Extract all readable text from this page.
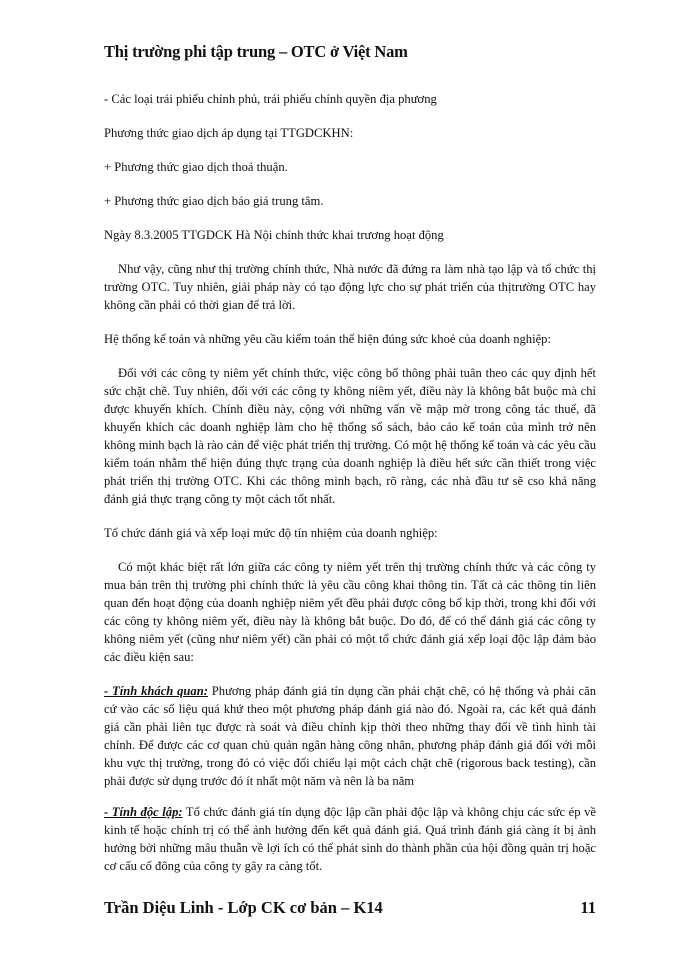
Thị trường phi tập trung – OTC ở Việt Nam

- Các loại trái phiếu chính phủ, trái phiếu chính quyền địa phương

Phương thức giao dịch áp dụng tại TTGDCKHN:

+ Phương thức giao dịch thoả thuận.

+ Phương thức giao dịch báo giá trung tâm.

Ngày 8.3.2005 TTGDCK Hà Nội chính thức khai trương hoạt động

Như vậy, cũng như thị trường chính thức, Nhà nước đã đứng ra làm nhà tạo lập và tổ chức thị trường OTC. Tuy nhiên, giải pháp này có tạo động lực cho sự phát triển của thịtrường OTC hay không cần phải có thời gian để trả lời.

Hệ thống kế toán và những yêu cầu kiểm toán thể hiện đúng sức khoẻ của doanh nghiệp:

Đối với các công ty niêm yết chính thức, việc công bố thông phải tuân theo các quy định hết sức chặt chẽ. Tuy nhiên, đối với các công ty không niêm yết, điều này là không bắt buộc mà chỉ được khuyến khích. Chính điều này, cộng với những vấn về mập mờ trong công tác thuế, đã khuyến khích các doanh nghiệp làm cho hệ thống sổ sách, báo cáo kế toán của mình trở nên không minh bạch là rào cản để việc phát triển thị trường. Có một hệ thống kế toán và các yêu cầu kiểm toán nhằm thể hiện đúng thực trạng của doanh nghiệp là điều hết sức cần thiết trong việc phát triển thị trường OTC. Khi các thông minh bạch, rõ ràng, các nhà đầu tư sẽ cso khả năng đánh giá thực trạng công ty một cách tốt nhất.

Tổ chức đánh giá và xếp loại mức độ tín nhiệm của doanh nghiệp:

Có một khác biệt rất lớn giữa các công ty niêm yết trên thị trường chính thức và các công ty mua bán trên thị trường phi chính thức là yêu cầu công khai thông tin. Tất cả các thông tin liên quan đến hoạt động của doanh nghiệp niêm yết đều phải được công bố kịp thời, trong khi đối với các công ty không niêm yết, điều này là không bắt buộc. Do đó, để có thể đánh giá các công ty không niêm yết (cũng như niêm yết) cần phải có một tổ chức đánh giá xếp loại độc lập đảm bảo các điều kiện sau:

- Tính khách quan: Phương pháp đánh giá tín dụng cần phải chặt chẽ, có hệ thống và phải căn cứ vào các số liệu quá khứ theo một phương pháp đánh giá nào đó. Ngoài ra, các kết quả đánh giá cần phải liên tục được rà soát và điều chỉnh kịp thời theo những thay đổi về tình hình tài chính. Để được các cơ quan chủ quản ngân hàng công nhân, phương pháp đánh giá đối với mỗi khu vực thị trường, trong đó có việc đối chiếu lại một cách chặt chẽ (rigorous back testing), cần phải được sử dụng trước đó ít nhất một năm và nên là ba năm

- Tính độc lập: Tổ chức đánh giá tín dụng độc lập cần phải độc lập và không chịu các sức ép về kinh tế hoặc chính trị có thể ảnh hưởng đến kết quả đánh giá. Quá trình đánh giá càng ít bị ảnh hưởng bởi những mâu thuẫn về lợi ích có thể phát sinh do thành phần của hội đồng quản trị hoặc cơ cấu cổ đông của công ty gây ra càng tốt.

Trần Diệu Linh - Lớp CK cơ bản – K14	11
